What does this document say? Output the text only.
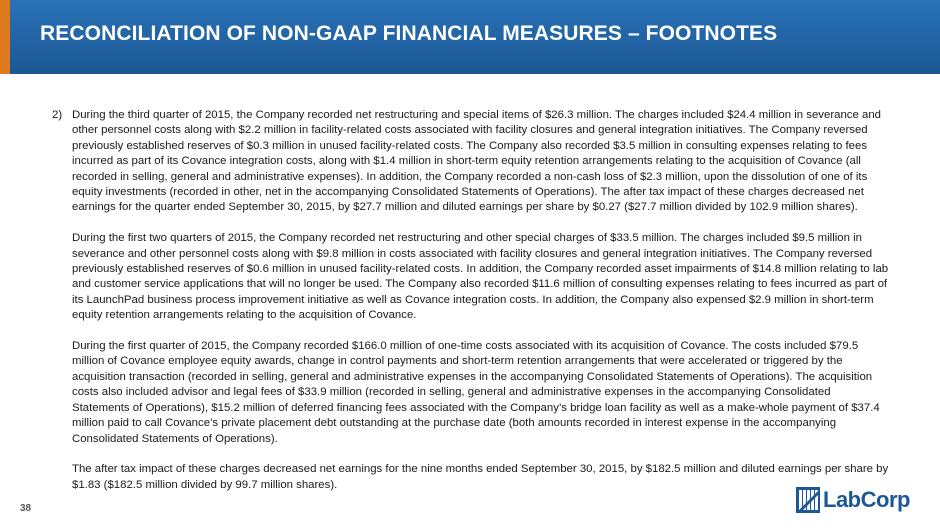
RECONCILIATION OF NON-GAAP FINANCIAL MEASURES – FOOTNOTES
2) During the third quarter of 2015, the Company recorded net restructuring and special items of $26.3 million. The charges included $24.4 million in severance and other personnel costs along with $2.2 million in facility-related costs associated with facility closures and general integration initiatives. The Company reversed previously established reserves of $0.3 million in unused facility-related costs. The Company also recorded $3.5 million in consulting expenses relating to fees incurred as part of its Covance integration costs, along with $1.4 million in short-term equity retention arrangements relating to the acquisition of Covance (all recorded in selling, general and administrative expenses). In addition, the Company recorded a non-cash loss of $2.3 million, upon the dissolution of one of its equity investments (recorded in other, net in the accompanying Consolidated Statements of Operations). The after tax impact of these charges decreased net earnings for the quarter ended September 30, 2015, by $27.7 million and diluted earnings per share by $0.27 ($27.7 million divided by 102.9 million shares).

During the first two quarters of 2015, the Company recorded net restructuring and other special charges of $33.5 million. The charges included $9.5 million in severance and other personnel costs along with $9.8 million in costs associated with facility closures and general integration initiatives. The Company reversed previously established reserves of $0.6 million in unused facility-related costs. In addition, the Company recorded asset impairments of $14.8 million relating to lab and customer service applications that will no longer be used. The Company also recorded $11.6 million of consulting expenses relating to fees incurred as part of its LaunchPad business process improvement initiative as well as Covance integration costs. In addition, the Company also expensed $2.9 million in short-term equity retention arrangements relating to the acquisition of Covance.

During the first quarter of 2015, the Company recorded $166.0 million of one-time costs associated with its acquisition of Covance. The costs included $79.5 million of Covance employee equity awards, change in control payments and short-term retention arrangements that were accelerated or triggered by the acquisition transaction (recorded in selling, general and administrative expenses in the accompanying Consolidated Statements of Operations). The acquisition costs also included advisor and legal fees of $33.9 million (recorded in selling, general and administrative expenses in the accompanying Consolidated Statements of Operations), $15.2 million of deferred financing fees associated with the Company’s bridge loan facility as well as a make-whole payment of $37.4 million paid to call Covance’s private placement debt outstanding at the purchase date (both amounts recorded in interest expense in the accompanying Consolidated Statements of Operations).

The after tax impact of these charges decreased net earnings for the nine months ended September 30, 2015, by $182.5 million and diluted earnings per share by $1.83 ($182.5 million divided by 99.7 million shares).

38	LabCorp
